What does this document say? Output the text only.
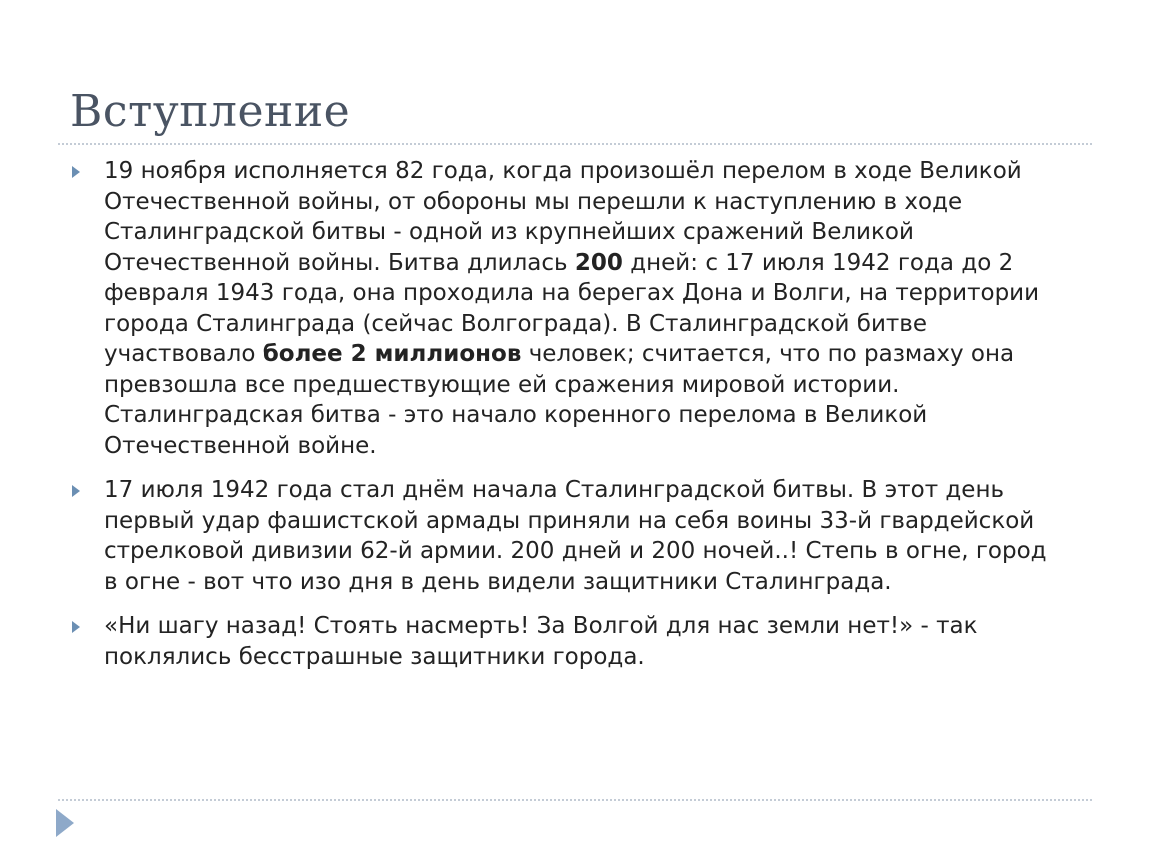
Вступление

19 ноября исполняется 82 года, когда произошёл перелом в ходе Великой Отечественной войны, от обороны мы перешли к наступлению в ходе Сталинградской битвы - одной из крупнейших сражений Великой Отечественной войны. Битва длилась 200 дней: с 17 июля 1942 года до 2 февраля 1943 года, она проходила на берегах Дона и Волги, на территории города Сталинграда (сейчас Волгограда). В Сталинградской битве участвовало более 2 миллионов человек; считается, что по размаху она превзошла все предшествующие ей сражения мировой истории. Сталинградская битва - это начало коренного перелома в Великой Отечественной войне.

17 июля 1942 года стал днём начала Сталинградской битвы. В этот день первый удар фашистской армады приняли на себя воины 33-й гвардейской стрелковой дивизии 62-й армии. 200 дней и 200 ночей..! Степь в огне, город в огне - вот что изо дня в день видели защитники Сталинграда.

«Ни шагу назад! Стоять насмерть! За Волгой для нас земли нет!» - так поклялись бесстрашные защитники города.
